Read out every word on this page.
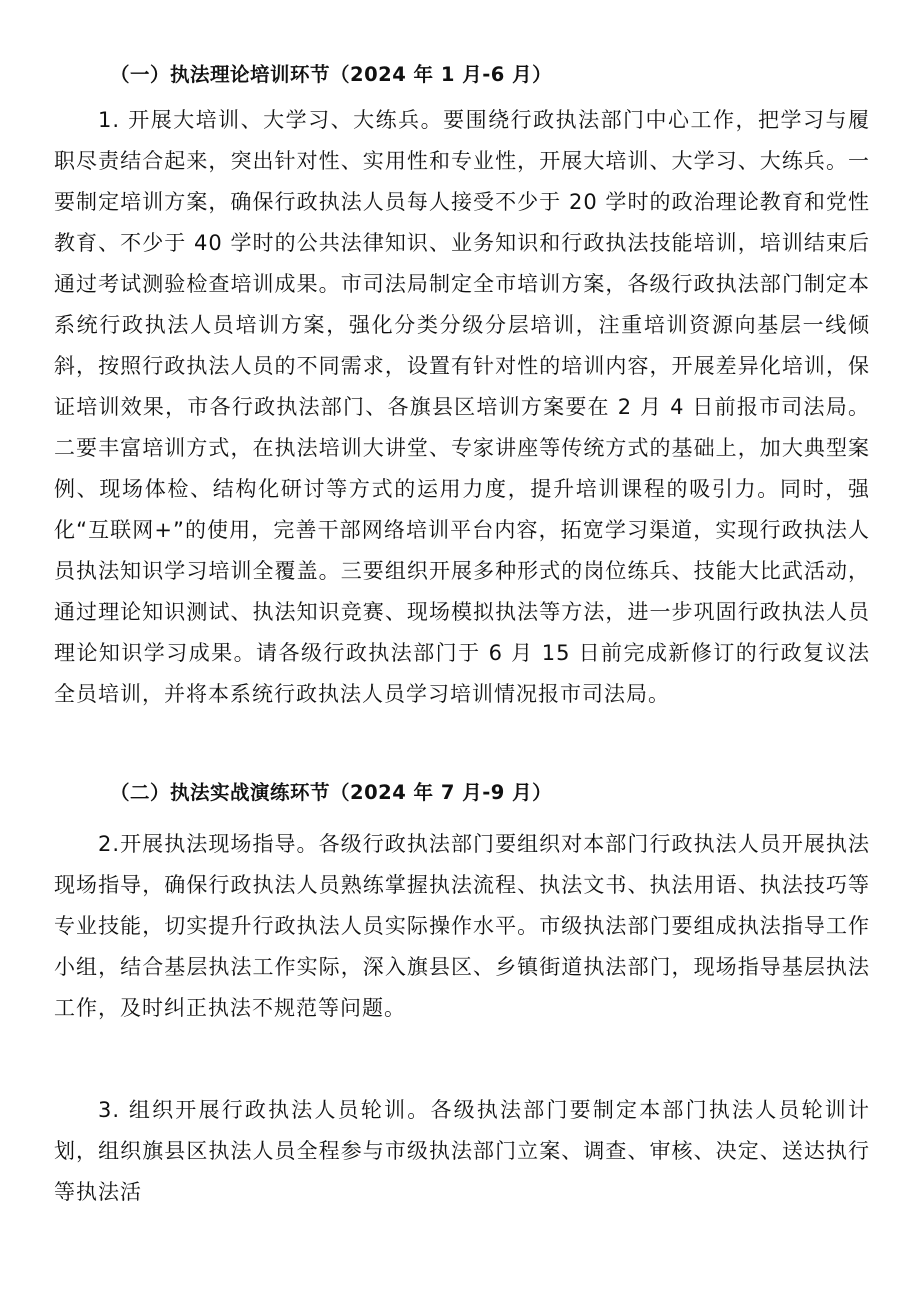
（一）执法理论培训环节（2024 年 1 月-6 月）

1. 开展大培训、大学习、大练兵。要围绕行政执法部门中心工作，把学习与履职尽责结合起来，突出针对性、实用性和专业性，开展大培训、大学习、大练兵。一要制定培训方案，确保行政执法人员每人接受不少于 20 学时的政治理论教育和党性教育、不少于 40 学时的公共法律知识、业务知识和行政执法技能培训，培训结束后通过考试测验检查培训成果。市司法局制定全市培训方案，各级行政执法部门制定本系统行政执法人员培训方案，强化分类分级分层培训，注重培训资源向基层一线倾斜，按照行政执法人员的不同需求，设置有针对性的培训内容，开展差异化培训，保证培训效果，市各行政执法部门、各旗县区培训方案要在 2 月 4 日前报市司法局。二要丰富培训方式，在执法培训大讲堂、专家讲座等传统方式的基础上，加大典型案例、现场体检、结构化研讨等方式的运用力度，提升培训课程的吸引力。同时，强化“互联网+”的使用，完善干部网络培训平台内容，拓宽学习渠道，实现行政执法人员执法知识学习培训全覆盖。三要组织开展多种形式的岗位练兵、技能大比武活动，通过理论知识测试、执法知识竞赛、现场模拟执法等方法，进一步巩固行政执法人员理论知识学习成果。请各级行政执法部门于 6 月 15 日前完成新修订的行政复议法全员培训，并将本系统行政执法人员学习培训情况报市司法局。

（二）执法实战演练环节（2024 年 7 月-9 月）

2.开展执法现场指导。各级行政执法部门要组织对本部门行政执法人员开展执法现场指导，确保行政执法人员熟练掌握执法流程、执法文书、执法用语、执法技巧等专业技能，切实提升行政执法人员实际操作水平。市级执法部门要组成执法指导工作小组，结合基层执法工作实际，深入旗县区、乡镇街道执法部门，现场指导基层执法工作，及时纠正执法不规范等问题。

3. 组织开展行政执法人员轮训。各级执法部门要制定本部门执法人员轮训计划，组织旗县区执法人员全程参与市级执法部门立案、调查、审核、决定、送达执行等执法活
